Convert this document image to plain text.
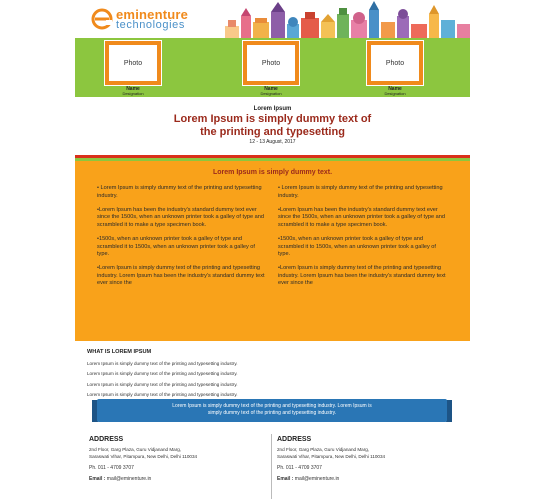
eminenture
technologies
Photo
Name
Designation
Photo
Name
Designation
Photo
Name
Designation
Lorem Ipsum
Lorem Ipsum is simply dummy text of
the printing and typesetting
12 - 13 August, 2017
Lorem Ipsum is simply dummy text.

• Lorem Ipsum is simply dummy text of the printing and typesetting industry.

•Lorem Ipsum has been the industry's standard dummy text ever since the 1500s, when an unknown printer took a galley of type and scrambled it to make a type specimen book.

•1500s, when an unknown printer took a galley of type and scrambled it to 1500s, when an unknown printer took a galley of type.

•Lorem Ipsum is simply dummy text of the printing and typesetting industry. Lorem Ipsum has been the industry's standard dummy text ever since the

• Lorem Ipsum is simply dummy text of the printing and typesetting industry.

•Lorem Ipsum has been the industry's standard dummy text ever since the 1500s, when an unknown printer took a galley of type and scrambled it to make a type specimen book.

•1500s, when an unknown printer took a galley of type and scrambled it to 1500s, when an unknown printer took a galley of type.

•Lorem Ipsum is simply dummy text of the printing and typesetting industry. Lorem Ipsum has been the industry's standard dummy text ever since the

WHAT IS LOREM IPSUM
Lorem Ipsum is simply dummy text of the printing and typesetting industry.
Lorem Ipsum is simply dummy text of the printing and typesetting industry.
Lorem Ipsum is simply dummy text of the printing and typesetting industry.
Lorem Ipsum is simply dummy text of the printing and typesetting industry.
Lorem Ipsum is simply dummy text of the printing and typesetting industry. Lorem Ipsum is
simply dummy text of the printing and typesetting industry.
ADDRESS
2nd Floor, Garg Plaza, Guru Vidjanand Marg,
Saraswati Vihar, Pitampura, New Delhi, Delhi 110034
Ph. 011 - 4709 3707
Email : mail@eminenture.in
ADDRESS
2nd Floor, Garg Plaza, Guru Vidjanand Marg,
Saraswati Vihar, Pitampura, New Delhi, Delhi 110034
Ph. 011 - 4709 3707
Email : mail@eminenture.in
